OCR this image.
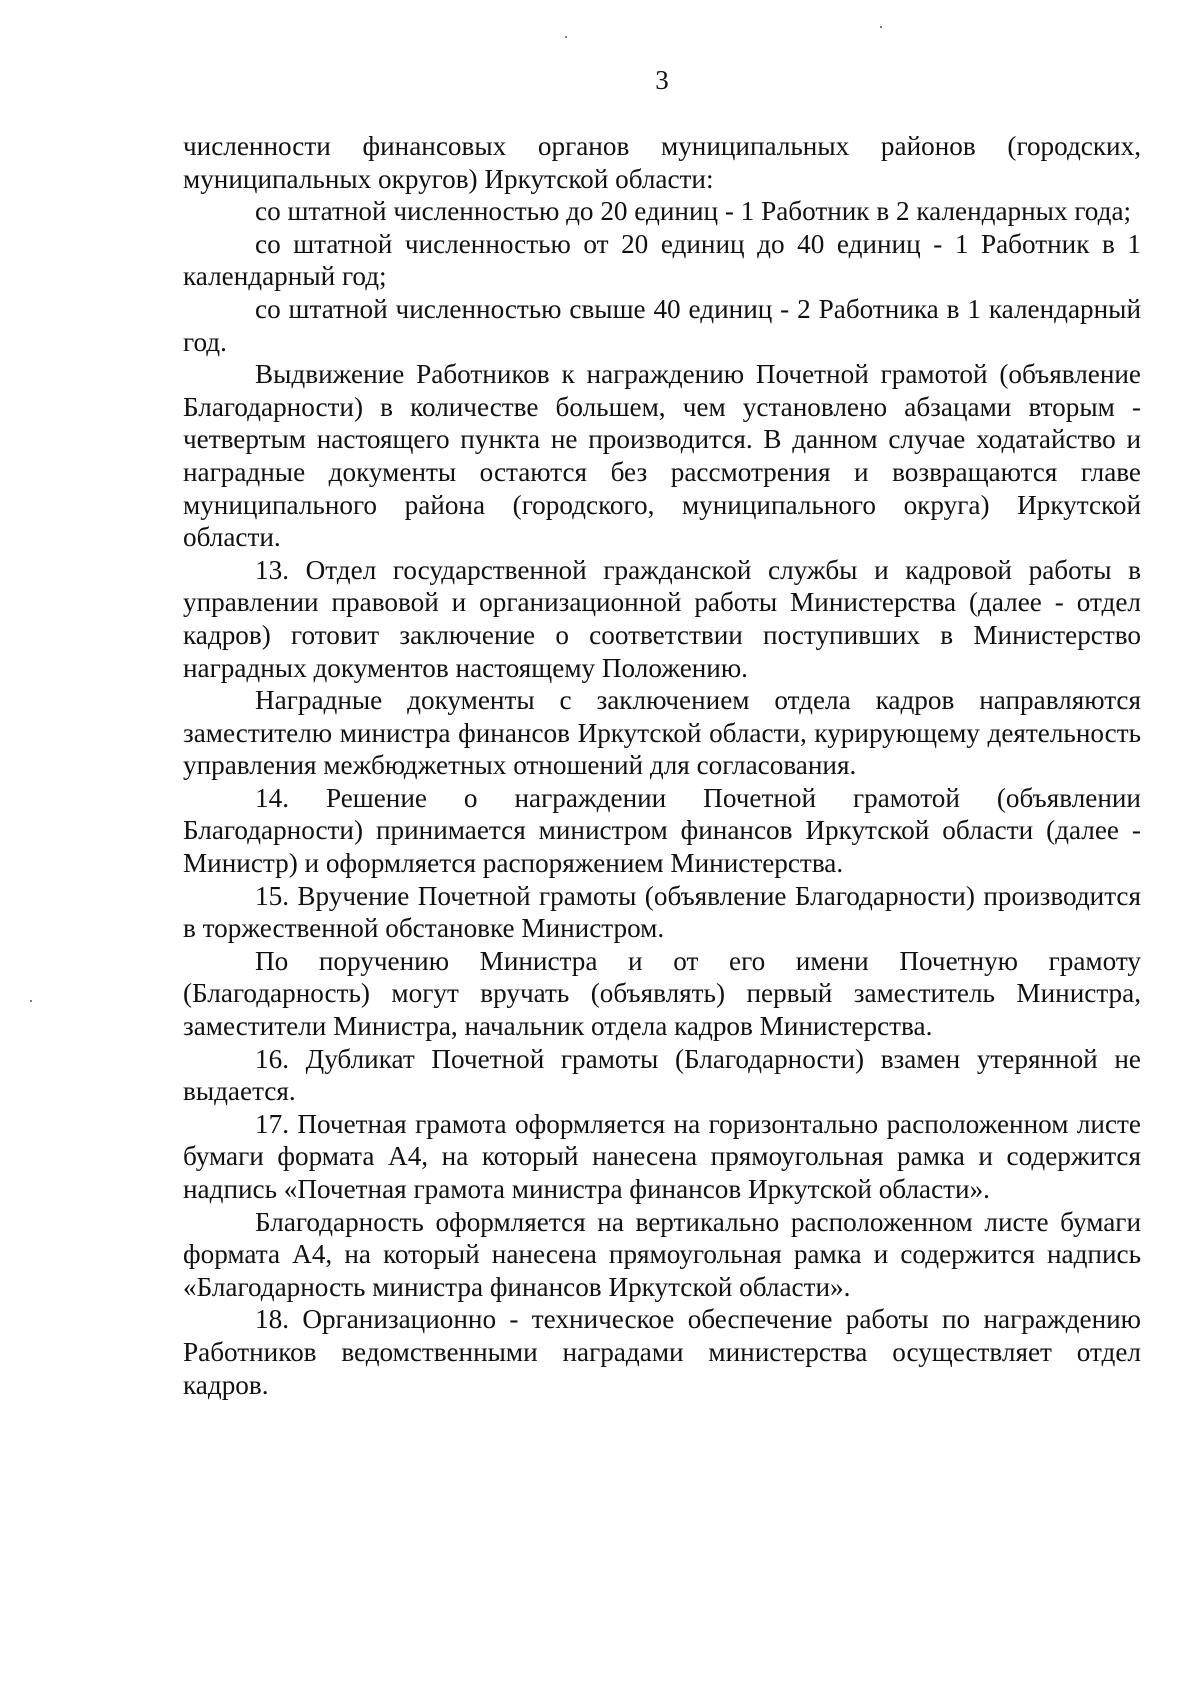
3

численности финансовых органов муниципальных районов (городских, муниципальных округов) Иркутской области:

со штатной численностью до 20 единиц - 1 Работник в 2 календарных года;

со штатной численностью от 20 единиц до 40 единиц - 1 Работник в 1 календарный год;

со штатной численностью свыше 40 единиц - 2 Работника в 1 календарный год.

Выдвижение Работников к награждению Почетной грамотой (объявление Благодарности) в количестве большем, чем установлено абзацами вторым - четвертым настоящего пункта не производится. В данном случае ходатайство и наградные документы остаются без рассмотрения и возвращаются главе муниципального района (городского, муниципального округа) Иркутской области.

13. Отдел государственной гражданской службы и кадровой работы в управлении правовой и организационной работы Министерства (далее - отдел кадров) готовит заключение о соответствии поступивших в Министерство наградных документов настоящему Положению.

Наградные документы с заключением отдела кадров направляются заместителю министра финансов Иркутской области, курирующему деятельность управления межбюджетных отношений для согласования.

14. Решение о награждении Почетной грамотой (объявлении Благодарности) принимается министром финансов Иркутской области (далее - Министр) и оформляется распоряжением Министерства.

15. Вручение Почетной грамоты (объявление Благодарности) производится в торжественной обстановке Министром.

По поручению Министра и от его имени Почетную грамоту (Благодарность) могут вручать (объявлять) первый заместитель Министра, заместители Министра, начальник отдела кадров Министерства.

16. Дубликат Почетной грамоты (Благодарности) взамен утерянной не выдается.

17. Почетная грамота оформляется на горизонтально расположенном листе бумаги формата А4, на который нанесена прямоугольная рамка и содержится надпись «Почетная грамота министра финансов Иркутской области».

Благодарность оформляется на вертикально расположенном листе бумаги формата А4, на который нанесена прямоугольная рамка и содержится надпись «Благодарность министра финансов Иркутской области».

18. Организационно - техническое обеспечение работы по награждению Работников ведомственными наградами министерства осуществляет отдел кадров.
